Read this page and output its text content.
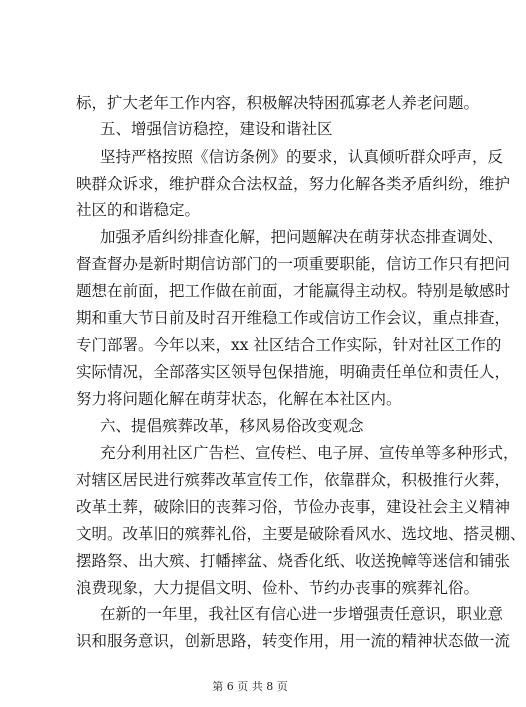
标，扩大老年工作内容，积极解决特困孤寡老人养老问题。
五、增强信访稳控，建设和谐社区
坚持严格按照《信访条例》的要求，认真倾听群众呼声，反
映群众诉求，维护群众合法权益，努力化解各类矛盾纠纷，维护
社区的和谐稳定。
加强矛盾纠纷排查化解，把问题解决在萌芽状态排查调处、
督查督办是新时期信访部门的一项重要职能，信访工作只有把问
题想在前面，把工作做在前面，才能赢得主动权。特别是敏感时
期和重大节日前及时召开维稳工作或信访工作会议，重点排查，
专门部署。今年以来，xx 社区结合工作实际，针对社区工作的
实际情况，全部落实区领导包保措施，明确责任单位和责任人，
努力将问题化解在萌芽状态，化解在本社区内。
六、提倡殡葬改革，移风易俗改变观念
充分利用社区广告栏、宣传栏、电子屏、宣传单等多种形式，
对辖区居民进行殡葬改革宣传工作，依靠群众，积极推行火葬，
改革土葬，破除旧的丧葬习俗，节俭办丧事，建设社会主义精神
文明。改革旧的殡葬礼俗，主要是破除看风水、选坟地、搭灵棚、
摆路祭、出大殡、打幡摔盆、烧香化纸、收送挽幛等迷信和铺张
浪费现象，大力提倡文明、俭朴、节约办丧事的殡葬礼俗。
在新的一年里，我社区有信心进一步增强责任意识，职业意
识和服务意识，创新思路，转变作用，用一流的精神状态做一流
第 6 页 共 8 页
